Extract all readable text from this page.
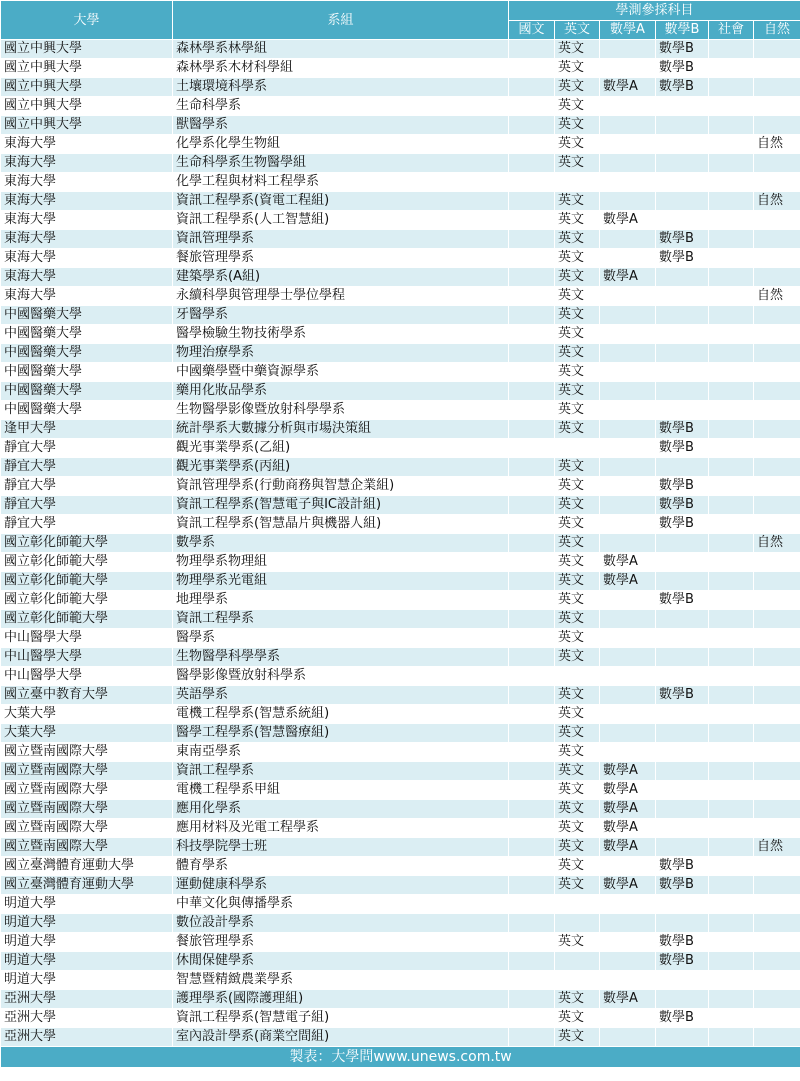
大學	系組	學測參採科目					
		國文	英文	數學A	數學B	社會	自然
國立中興大學	森林學系林學組		英文		數學B		
國立中興大學	森林學系木材科學組		英文		數學B		
國立中興大學	土壤環境科學系		英文	數學A	數學B		
國立中興大學	生命科學系		英文				
國立中興大學	獸醫學系		英文				
東海大學	化學系化學生物組		英文				自然
東海大學	生命科學系生物醫學組		英文				
東海大學	化學工程與材料工程學系						
東海大學	資訊工程學系(資電工程組)		英文				自然
東海大學	資訊工程學系(人工智慧組)		英文	數學A			
東海大學	資訊管理學系		英文		數學B		
東海大學	餐旅管理學系		英文		數學B		
東海大學	建築學系(A組)		英文	數學A			
東海大學	永續科學與管理學士學位學程		英文				自然
中國醫藥大學	牙醫學系		英文				
中國醫藥大學	醫學檢驗生物技術學系		英文				
中國醫藥大學	物理治療學系		英文				
中國醫藥大學	中國藥學暨中藥資源學系		英文				
中國醫藥大學	藥用化妝品學系		英文				
中國醫藥大學	生物醫學影像暨放射科學學系		英文				
逢甲大學	統計學系大數據分析與市場決策組		英文		數學B		
靜宜大學	觀光事業學系(乙組)				數學B		
靜宜大學	觀光事業學系(丙組)		英文				
靜宜大學	資訊管理學系(行動商務與智慧企業組)		英文		數學B		
靜宜大學	資訊工程學系(智慧電子與IC設計組)		英文		數學B		
靜宜大學	資訊工程學系(智慧晶片與機器人組)		英文		數學B		
國立彰化師範大學	數學系		英文				自然
國立彰化師範大學	物理學系物理組		英文	數學A			
國立彰化師範大學	物理學系光電組		英文	數學A			
國立彰化師範大學	地理學系		英文		數學B		
國立彰化師範大學	資訊工程學系		英文				
中山醫學大學	醫學系		英文				
中山醫學大學	生物醫學科學學系		英文				
中山醫學大學	醫學影像暨放射科學系						
國立臺中教育大學	英語學系		英文		數學B		
大葉大學	電機工程學系(智慧系統組)		英文				
大葉大學	醫學工程學系(智慧醫療組)		英文				
國立暨南國際大學	東南亞學系		英文				
國立暨南國際大學	資訊工程學系		英文	數學A			
國立暨南國際大學	電機工程學系甲組		英文	數學A			
國立暨南國際大學	應用化學系		英文	數學A			
國立暨南國際大學	應用材料及光電工程學系		英文	數學A			
國立暨南國際大學	科技學院學士班		英文	數學A			自然
國立臺灣體育運動大學	體育學系		英文		數學B		
國立臺灣體育運動大學	運動健康科學系		英文	數學A	數學B		
明道大學	中華文化與傳播學系						
明道大學	數位設計學系						
明道大學	餐旅管理學系		英文		數學B		
明道大學	休閒保健學系				數學B		
明道大學	智慧暨精緻農業學系						
亞洲大學	護理學系(國際護理組)		英文	數學A			
亞洲大學	資訊工程學系(智慧電子組)		英文		數學B		
亞洲大學	室內設計學系(商業空間組)		英文				
製表：大學問www.unews.com.tw							
